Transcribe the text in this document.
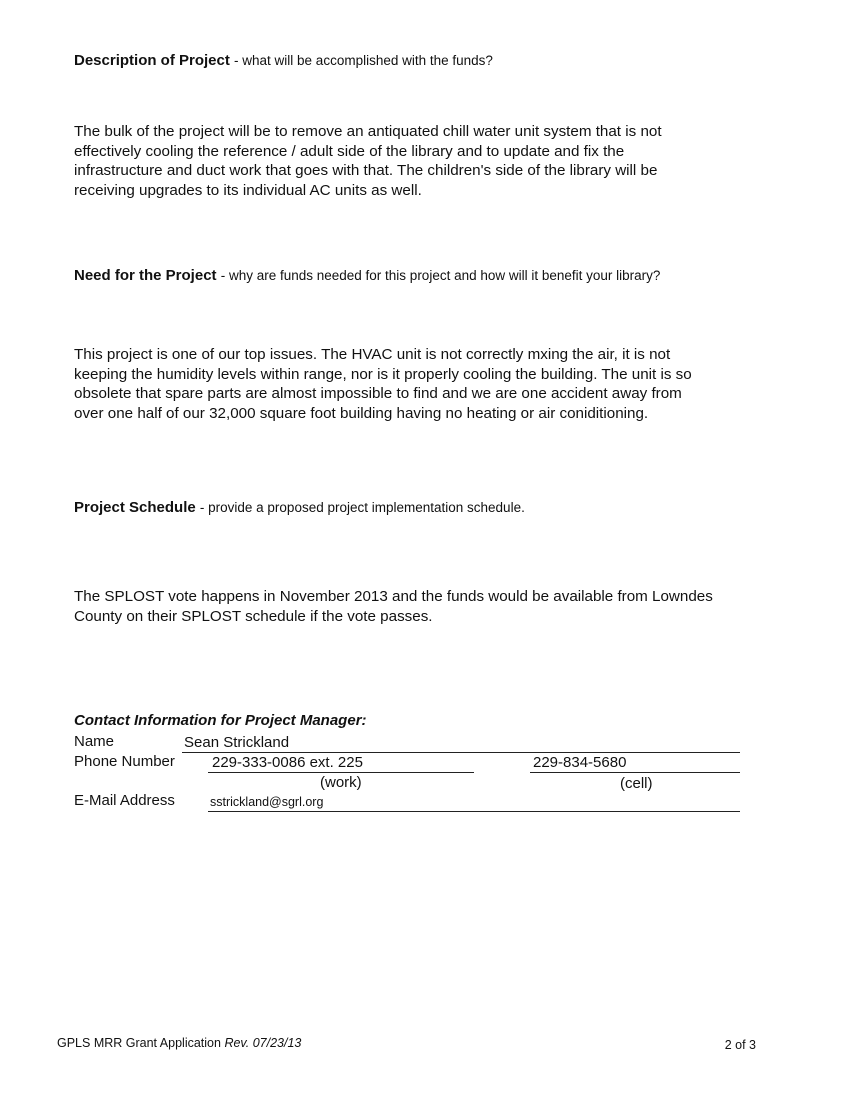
Description of Project - what will be accomplished with the funds?
The bulk of the project will be to remove an antiquated chill water unit system that is not effectively cooling the reference / adult side of the library and to update and fix the infrastructure and duct work that goes with that. The children's side of the library will be receiving upgrades to its individual AC units as well.
Need for the Project - why are funds needed for this project and how will it benefit your library?
This project is one of our top issues. The HVAC unit is not correctly mxing the air, it is not keeping the humidity levels within range, nor is it properly cooling the building. The unit is so obsolete that spare parts are almost impossible to find and we are one accident away from over one half of our 32,000 square foot building having no heating or air coniditioning.
Project Schedule - provide a proposed project implementation schedule.
The SPLOST vote happens in November 2013 and the funds would be available from Lowndes County on their SPLOST schedule if the vote passes.
Contact Information for Project Manager:
Name	Sean Strickland
Phone Number 229-333-0086 ext. 225	229-834-5680
(work)	(cell)
E-Mail Address	sstrickland@sgrl.org
GPLS MRR Grant Application Rev. 07/23/13	2 of 3
